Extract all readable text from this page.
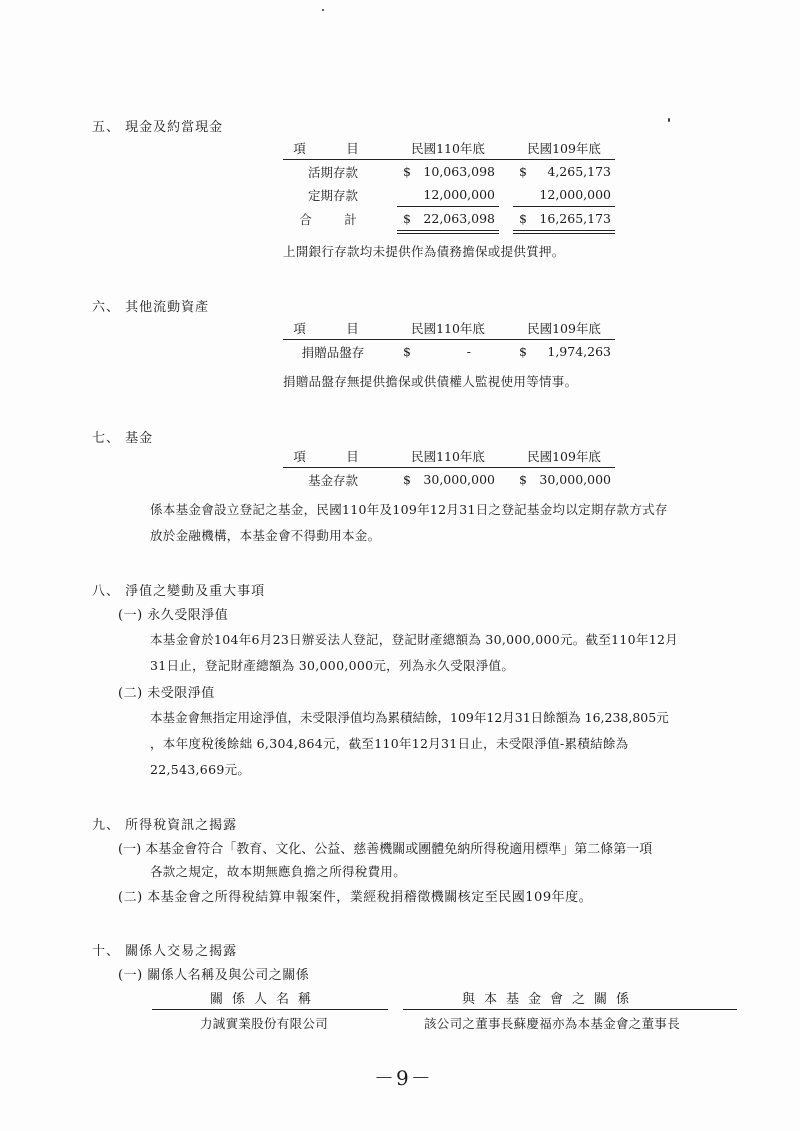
五、 現金及約當現金
項　目		民國110年底		民國109年底
活期存款		$ 10,063,098		$ 4,265,173

定期存款		12,000,000		12,000,000

合　計		$ 22,063,098		$ 16,265,173
上開銀行存款均未提供作為債務擔保或提供質押。
六、 其他流動資產
項　目		民國110年底		民國109年底
捐贈品盤存		$ -		$ 1,974,263
捐贈品盤存無提供擔保或供債權人監視使用等情事。
七、 基金
項　目		民國110年底		民國109年底
基金存款		$ 30,000,000		$ 30,000,000
係本基金會設立登記之基金，民國110年及109年12月31日之登記基金均以定期存款方式存
放於金融機構，本基金會不得動用本金。
八、 淨值之變動及重大事項
(一) 永久受限淨值
本基金會於104年6月23日辦妥法人登記，登記財產總額為 30,000,000元。截至110年12月
31日止，登記財產總額為 30,000,000元，列為永久受限淨值。
(二) 未受限淨值
本基金會無指定用途淨值，未受限淨值均為累積結餘，109年12月31日餘額為 16,238,805元
，本年度稅後餘絀 6,304,864元，截至110年12月31日止，未受限淨值-累積結餘為
22,543,669元。
九、 所得稅資訊之揭露
(一) 本基金會符合「教育、文化、公益、慈善機關或團體免納所得稅適用標準」第二條第一項
各款之規定，故本期無應負擔之所得稅費用。
(二) 本基金會之所得稅結算申報案件，業經稅捐稽徵機關核定至民國109年度。
十、 關係人交易之揭露
(一) 關係人名稱及與公司之關係
關係人名稱	與本基金會之關係
力誠實業股份有限公司	該公司之董事長蘇慶福亦為本基金會之董事長
－9－
